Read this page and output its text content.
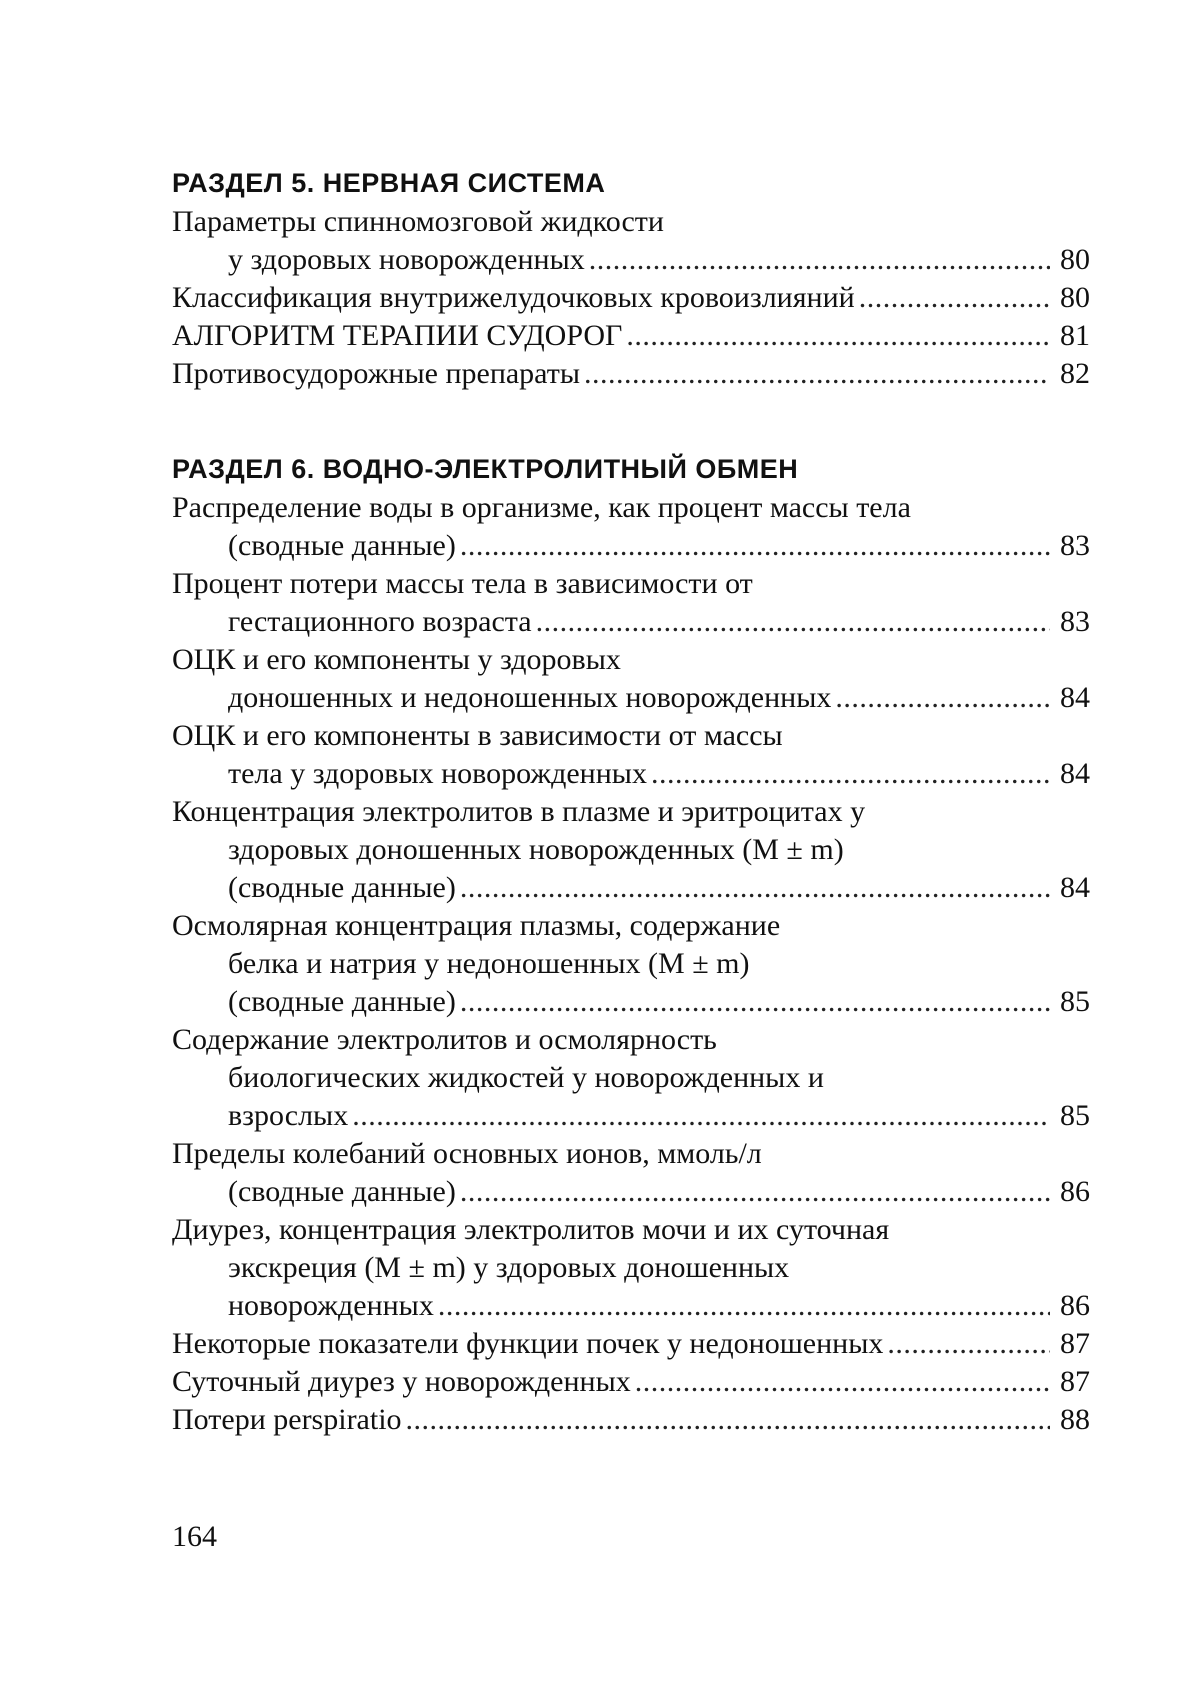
РАЗДЕЛ 5. НЕРВНАЯ СИСТЕМА
Параметры спинномозговой жидкости
у здоровых новорожденных .....	80
Классификация внутрижелудочковых кровоизлияний .....	80
АЛГОРИТМ ТЕРАПИИ СУДОРОГ .....	81
Противосудорожные препараты .....	82
РАЗДЕЛ 6. ВОДНО-ЭЛЕКТРОЛИТНЫЙ ОБМЕН
Распределение воды в организме, как процент массы тела
(сводные данные) .....	83
Процент потери массы тела в зависимости от
гестационного возраста .....	83
ОЦК и его компоненты у здоровых
доношенных и недоношенных новорожденных .....	84
ОЦК и его компоненты в зависимости от массы
тела у здоровых новорожденных .....	84
Концентрация электролитов в плазме и эритроцитах у
здоровых доношенных новорожденных (M ± m)
(сводные данные) .....	84
Осмолярная концентрация плазмы, содержание
белка и натрия у недоношенных (M ± m)
(сводные данные) .....	85
Содержание электролитов и осмолярность
биологических жидкостей у новорожденных и
взрослых .....	85
Пределы колебаний основных ионов, ммоль/л
(сводные данные) .....	86
Диурез, концентрация электролитов мочи и их суточная
экскреция (M ± m) у здоровых доношенных
новорожденных .....	86
Некоторые показатели функции почек у недоношенных .....	87
Суточный диурез у новорожденных .....	87
Потери perspiratio .....	88
164
